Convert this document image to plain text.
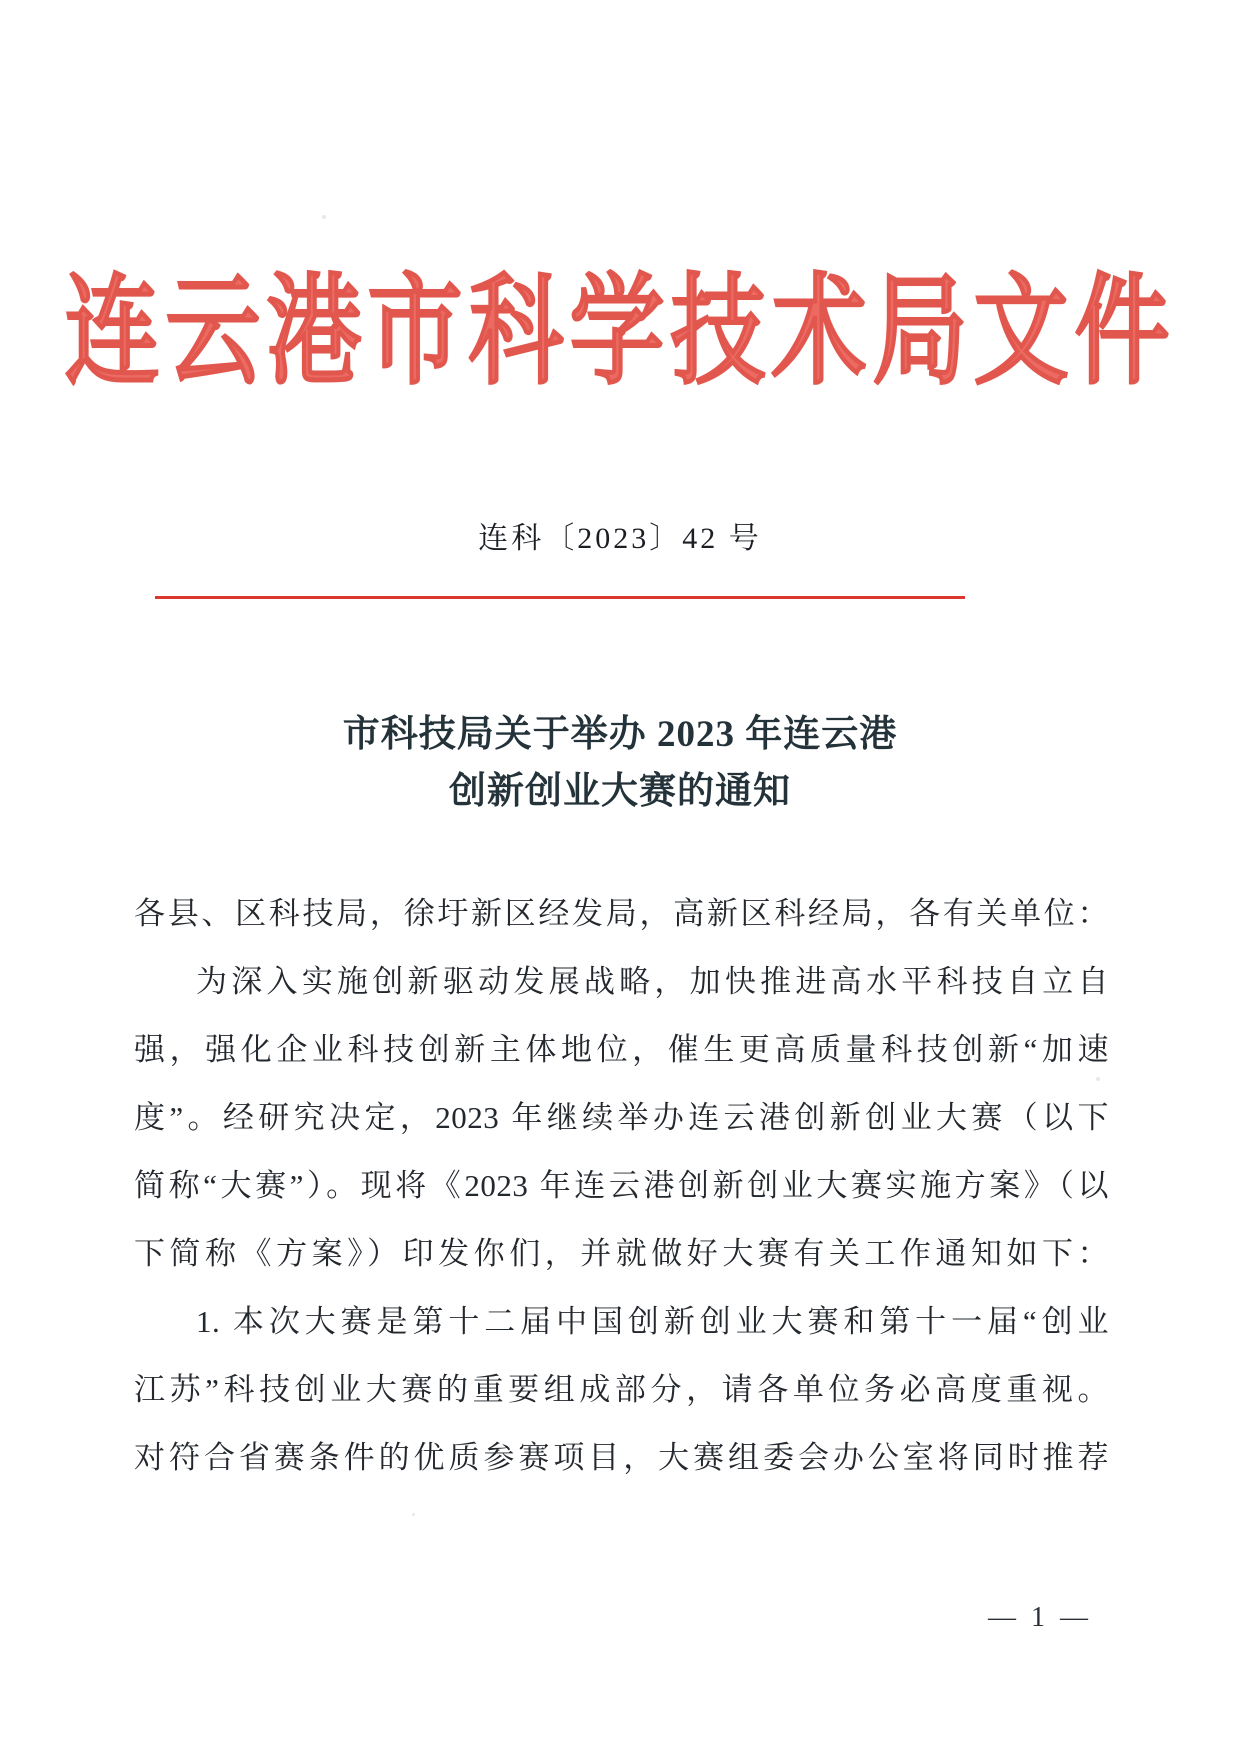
连云港市科学技术局文件
连科〔2023〕42 号
市科技局关于举办 2023 年连云港
创新创业大赛的通知
各县、区科技局，徐圩新区经发局，高新区科经局，各有关单位：
为深入实施创新驱动发展战略，加快推进高水平科技自立自
强，强化企业科技创新主体地位，催生更高质量科技创新“加速
度”。经研究决定，2023 年继续举办连云港创新创业大赛（以下
简称“大赛”）。现将《2023 年连云港创新创业大赛实施方案》（以
下简称《方案》）印发你们，并就做好大赛有关工作通知如下：
1. 本次大赛是第十二届中国创新创业大赛和第十一届“创业
江苏”科技创业大赛的重要组成部分，请各单位务必高度重视。
对符合省赛条件的优质参赛项目，大赛组委会办公室将同时推荐
— 1 —
